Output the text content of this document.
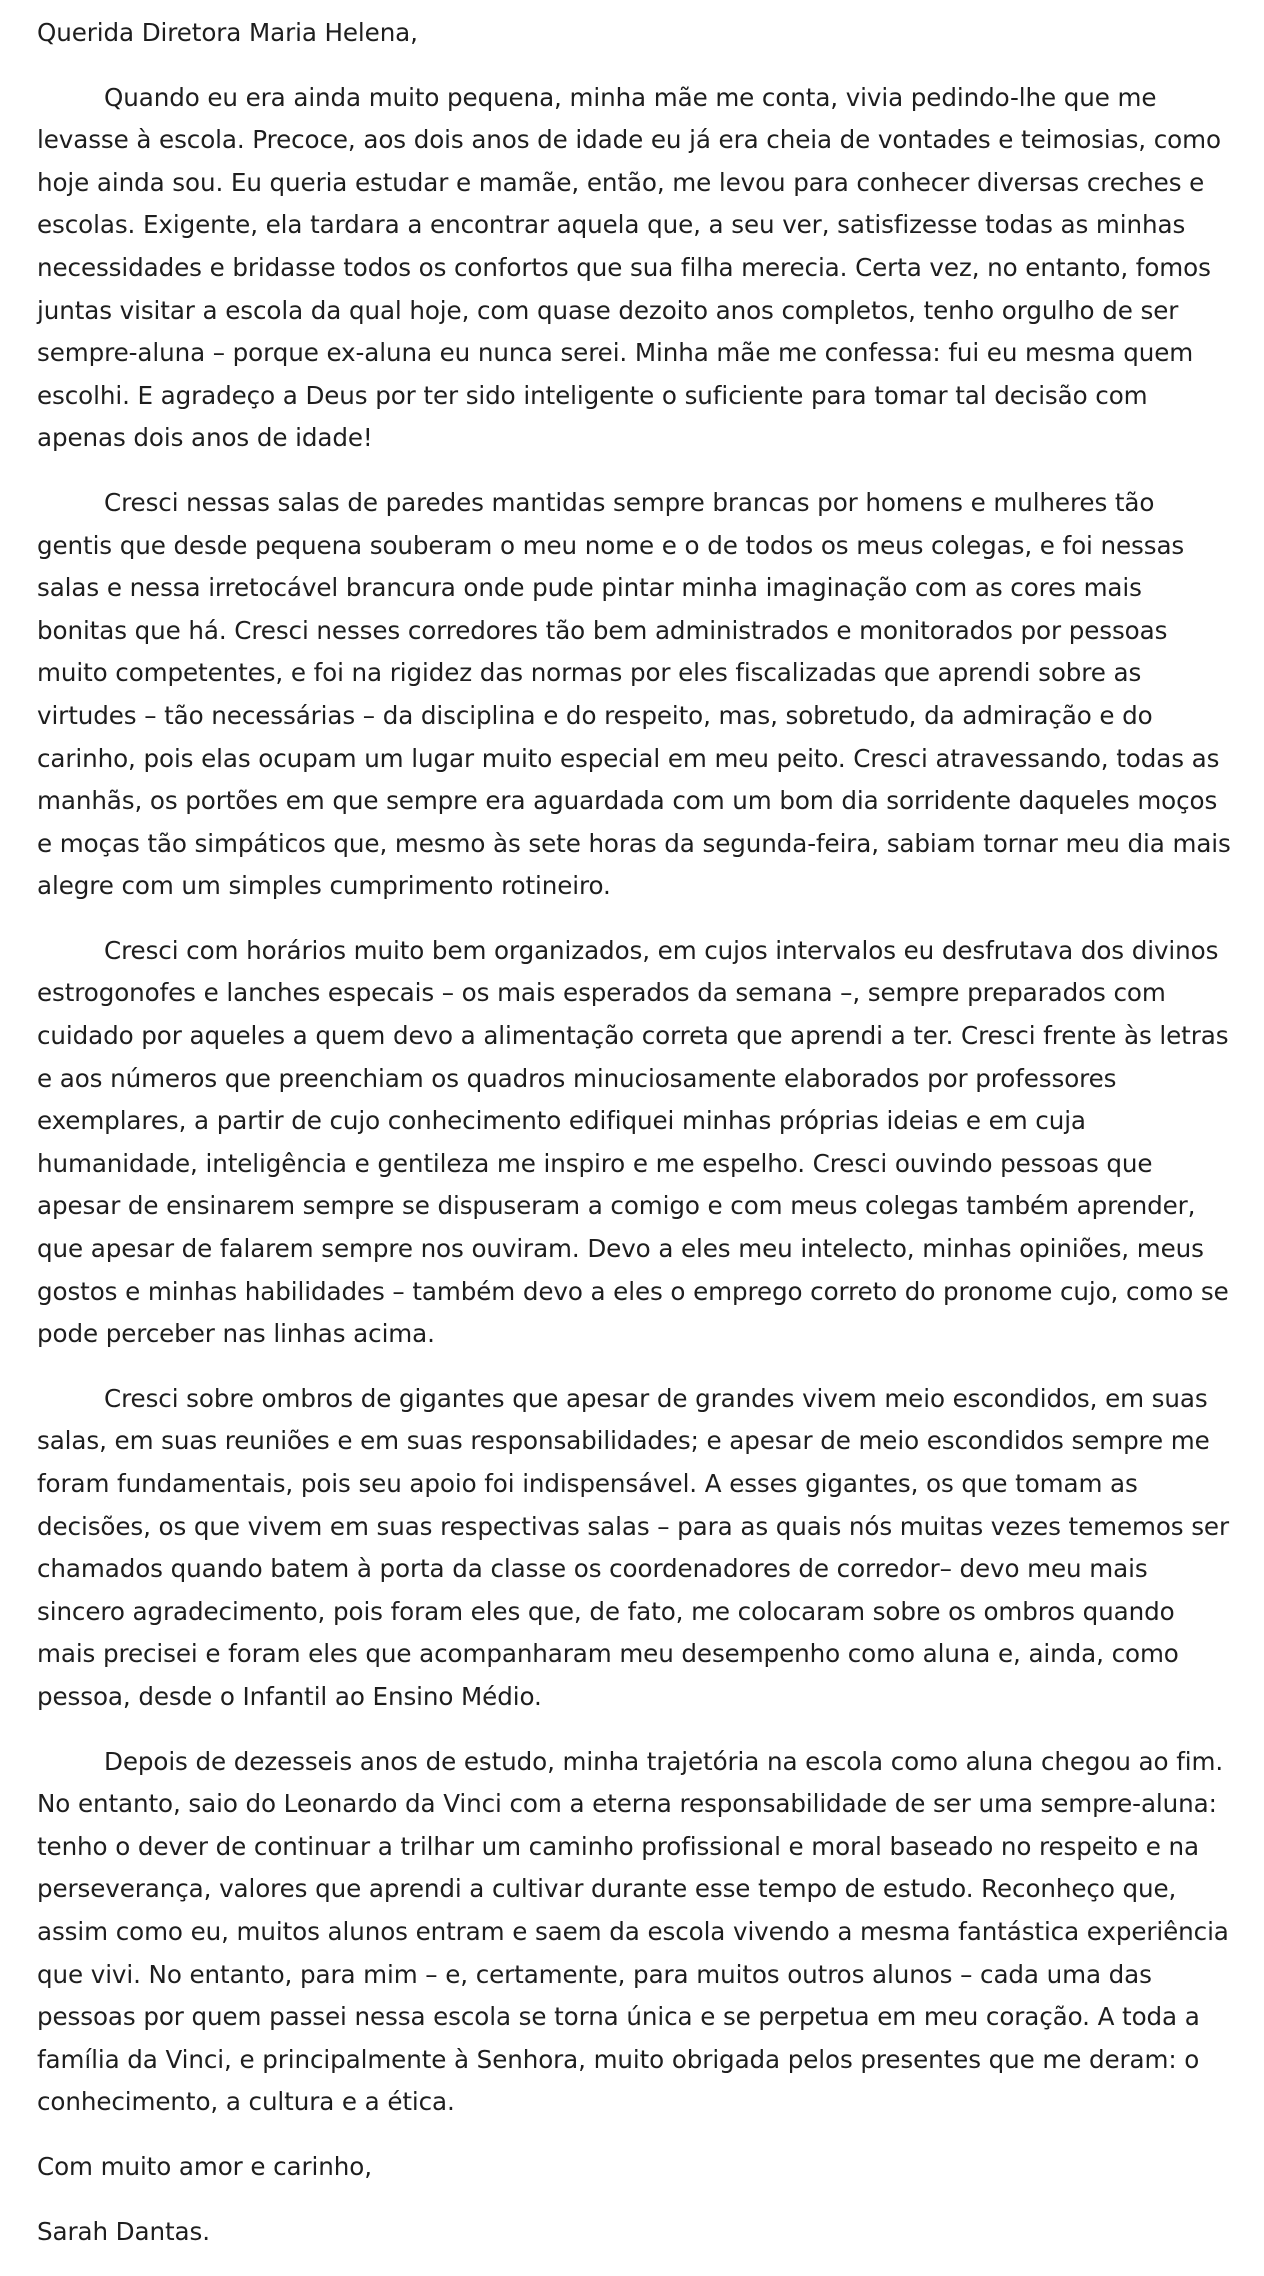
Querida Diretora Maria Helena,

Quando eu era ainda muito pequena, minha mãe me conta, vivia pedindo-lhe que me levasse à escola. Precoce, aos dois anos de idade eu já era cheia de vontades e teimosias, como hoje ainda sou. Eu queria estudar e mamãe, então, me levou para conhecer diversas creches e escolas. Exigente, ela tardara a encontrar aquela que, a seu ver, satisfizesse todas as minhas necessidades e bridasse todos os confortos que sua filha merecia. Certa vez, no entanto, fomos juntas visitar a escola da qual hoje, com quase dezoito anos completos, tenho orgulho de ser sempre-aluna – porque ex-aluna eu nunca serei. Minha mãe me confessa: fui eu mesma quem escolhi. E agradeço a Deus por ter sido inteligente o suficiente para tomar tal decisão com apenas dois anos de idade!

Cresci nessas salas de paredes mantidas sempre brancas por homens e mulheres tão gentis que desde pequena souberam o meu nome e o de todos os meus colegas, e foi nessas salas e nessa irretocável brancura onde pude pintar minha imaginação com as cores mais bonitas que há. Cresci nesses corredores tão bem administrados e monitorados por pessoas muito competentes, e foi na rigidez das normas por eles fiscalizadas que aprendi sobre as virtudes – tão necessárias – da disciplina e do respeito, mas, sobretudo, da admiração e do carinho, pois elas ocupam um lugar muito especial em meu peito. Cresci atravessando, todas as manhãs, os portões em que sempre era aguardada com um bom dia sorridente daqueles moços e moças tão simpáticos que, mesmo às sete horas da segunda-feira, sabiam tornar meu dia mais alegre com um simples cumprimento rotineiro.

Cresci com horários muito bem organizados, em cujos intervalos eu desfrutava dos divinos estrogonofes e lanches especais – os mais esperados da semana –, sempre preparados com cuidado por aqueles a quem devo a alimentação correta que aprendi a ter. Cresci frente às letras e aos números que preenchiam os quadros minuciosamente elaborados por professores exemplares, a partir de cujo conhecimento edifiquei minhas próprias ideias e em cuja humanidade, inteligência e gentileza me inspiro e me espelho. Cresci ouvindo pessoas que apesar de ensinarem sempre se dispuseram a comigo e com meus colegas também aprender, que apesar de falarem sempre nos ouviram. Devo a eles meu intelecto, minhas opiniões, meus gostos e minhas habilidades – também devo a eles o emprego correto do pronome cujo, como se pode perceber nas linhas acima.

Cresci sobre ombros de gigantes que apesar de grandes vivem meio escondidos, em suas salas, em suas reuniões e em suas responsabilidades; e apesar de meio escondidos sempre me foram fundamentais, pois seu apoio foi indispensável. A esses gigantes, os que tomam as decisões, os que vivem em suas respectivas salas – para as quais nós muitas vezes tememos ser chamados quando batem à porta da classe os coordenadores de corredor– devo meu mais sincero agradecimento, pois foram eles que, de fato, me colocaram sobre os ombros quando mais precisei e foram eles que acompanharam meu desempenho como aluna e, ainda, como pessoa, desde o Infantil ao Ensino Médio.

Depois de dezesseis anos de estudo, minha trajetória na escola como aluna chegou ao fim. No entanto, saio do Leonardo da Vinci com a eterna responsabilidade de ser uma sempre-aluna: tenho o dever de continuar a trilhar um caminho profissional e moral baseado no respeito e na perseverança, valores que aprendi a cultivar durante esse tempo de estudo. Reconheço que, assim como eu, muitos alunos entram e saem da escola vivendo a mesma fantástica experiência que vivi. No entanto, para mim – e, certamente, para muitos outros alunos – cada uma das pessoas por quem passei nessa escola se torna única e se perpetua em meu coração. A toda a família da Vinci, e principalmente à Senhora, muito obrigada pelos presentes que me deram: o conhecimento, a cultura e a ética.

Com muito amor e carinho,

Sarah Dantas.
